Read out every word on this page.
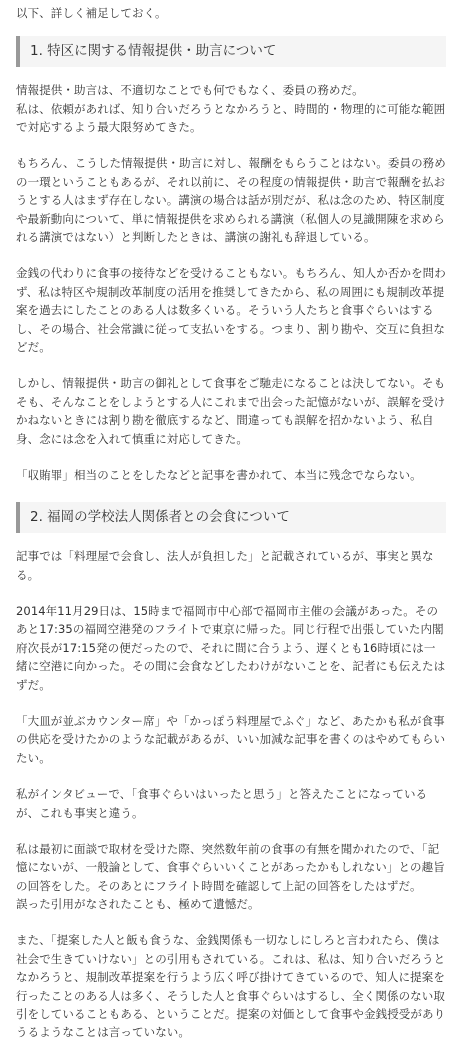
以下、詳しく補足しておく。

1. 特区に関する情報提供・助言について

情報提供・助言は、不適切なことでも何でもなく、委員の務めだ。
私は、依頼があれば、知り合いだろうとなかろうと、時間的・物理的に可能な範囲で対応するよう最大限努めてきた。

もちろん、こうした情報提供・助言に対し、報酬をもらうことはない。委員の務めの一環ということもあるが、それ以前に、その程度の情報提供・助言で報酬を払おうとする人はまず存在しない。講演の場合は話が別だが、私は念のため、特区制度や最新動向について、単に情報提供を求められる講演（私個人の見識開陳を求められる講演ではない）と判断したときは、講演の謝礼も辞退している。

金銭の代わりに食事の接待などを受けることもない。もちろん、知人か否かを問わず、私は特区や規制改革制度の活用を推奨してきたから、私の周囲にも規制改革提案を過去にしたことのある人は数多くいる。そういう人たちと食事ぐらいはするし、その場合、社会常識に従って支払いをする。つまり、割り勘や、交互に負担などだ。

しかし、情報提供・助言の御礼として食事をご馳走になることは決してない。そもそも、そんなことをしようとする人にこれまで出会った記憶がないが、誤解を受けかねないときには割り勘を徹底するなど、間違っても誤解を招かないよう、私自身、念には念を入れて慎重に対応してきた。

「収賄罪」相当のことをしたなどと記事を書かれて、本当に残念でならない。

2. 福岡の学校法人関係者との会食について

記事では「料理屋で会食し、法人が負担した」と記載されているが、事実と異なる。

2014年11月29日は、15時まで福岡市中心部で福岡市主催の会議があった。そのあと17:35の福岡空港発のフライトで東京に帰った。同じ行程で出張していた内閣府次長が17:15発の便だったので、それに間に合うよう、遅くとも16時頃には一緒に空港に向かった。その間に会食などしたわけがないことを、記者にも伝えたはずだ。

「大皿が並ぶカウンター席」や「かっぽう料理屋でふぐ」など、あたかも私が食事の供応を受けたかのような記載があるが、いい加減な記事を書くのはやめてもらいたい。

私がインタビューで、「食事ぐらいはいったと思う」と答えたことになっているが、これも事実と違う。

私は最初に面談で取材を受けた際、突然数年前の食事の有無を聞かれたので、「記憶にないが、一般論として、食事ぐらいいくことがあったかもしれない」との趣旨の回答をした。そのあとにフライト時間を確認して上記の回答をしたはずだ。
誤った引用がなされたことも、極めて遺憾だ。

また、「提案した人と飯も食うな、金銭関係も一切なしにしろと言われたら、僕は社会で生きていけない」との引用もされている。これは、私は、知り合いだろうとなかろうと、規制改革提案を行うよう広く呼び掛けてきているので、知人に提案を行ったことのある人は多く、そうした人と食事ぐらいはするし、全く関係のない取引をしていることもある、ということだ。提案の対価として食事や金銭授受がありうるようなことは言っていない。
